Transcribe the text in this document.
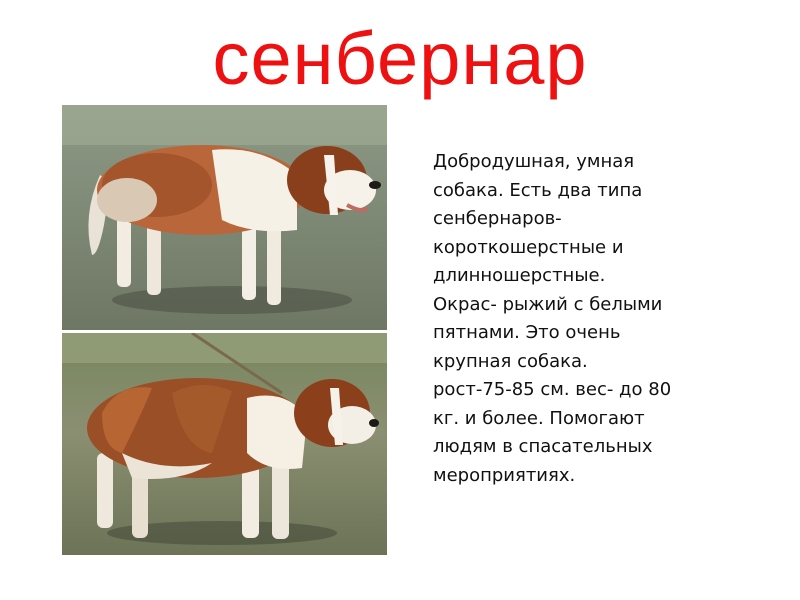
сенбернар
Добродушная, умная
собака. Есть два типа
сенбернаров-
короткошерстные и
длинношерстные.
Окрас- рыжий с белыми
пятнами. Это очень
крупная собака.
рост-75-85 см. вес- до 80
кг. и более. Помогают
людям в спасательных
мероприятиях.
